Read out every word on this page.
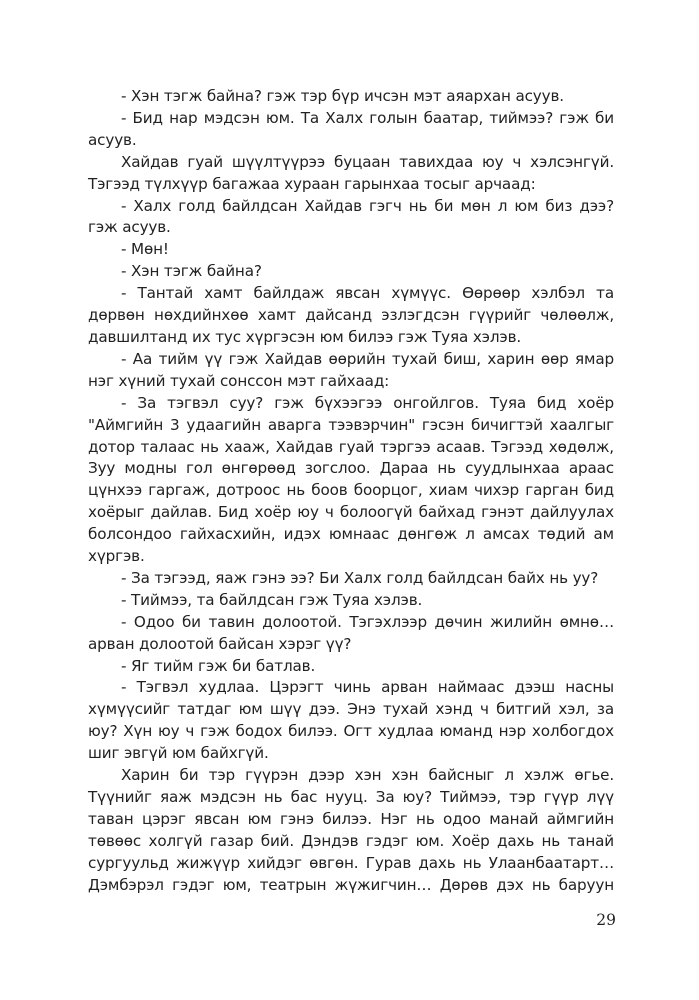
- Хэн тэгж байна? гэж тэр бүр ичсэн мэт аяархан асуув.
- Бид нар мэдсэн юм. Та Халх голын баатар, тиймээ? гэж би
асуув.
Хайдав гуай шүүлтүүрээ буцаан тавихдаа юу ч хэлсэнгүй.
Тэгээд түлхүүр багажаа хураан гарынхаа тосыг арчаад:
- Халх голд байлдсан Хайдав гэгч нь би мөн л юм биз дээ?
гэж асуув.
- Мөн!
- Хэн тэгж байна?
- Тантай хамт байлдаж явсан хүмүүс. Өөрөөр хэлбэл та
дөрвөн нөхдийнхөө хамт дайсанд эзлэгдсэн гүүрийг чөлөөлж,
давшилтанд их тус хүргэсэн юм билээ гэж Туяа хэлэв.
- Аа тийм үү гэж Хайдав өөрийн тухай биш, харин өөр ямар
нэг хүний тухай сонссон мэт гайхаад:
- За тэгвэл суу? гэж бүхээгээ онгойлгов. Туяа бид хоёр
"Аймгийн 3 удаагийн аварга тээвэрчин" гэсэн бичигтэй хаалгыг
дотор талаас нь хааж, Хайдав гуай тэргээ асаав. Тэгээд хөдөлж,
Зуу модны гол өнгөрөөд зогслоо. Дараа нь суудлынхаа араас
цүнхээ гаргаж, дотроос нь боов боорцог, хиам чихэр гарган бид
хоёрыг дайлав. Бид хоёр юу ч болоогүй байхад гэнэт дайлуулах
болсондоо гайхасхийн, идэх юмнаас дөнгөж л амсах төдий ам
хүргэв.
- За тэгээд, яаж гэнэ ээ? Би Халх голд байлдсан байх нь уу?
- Тиймээ, та байлдсан гэж Туяа хэлэв.
- Одоо би тавин долоотой. Тэгэхлээр дөчин жилийн өмнө…
арван долоотой байсан хэрэг үү?
- Яг тийм гэж би батлав.
- Тэгвэл худлаа. Цэрэгт чинь арван наймаас дээш насны
хүмүүсийг татдаг юм шүү дээ. Энэ тухай хэнд ч битгий хэл, за
юу? Хүн юу ч гэж бодох билээ. Огт худлаа юманд нэр холбогдох
шиг эвгүй юм байхгүй.
Харин би тэр гүүрэн дээр хэн хэн байсныг л хэлж өгье.
Түүнийг яаж мэдсэн нь бас нууц. За юу? Тиймээ, тэр гүүр лүү
таван цэрэг явсан юм гэнэ билээ. Нэг нь одоо манай аймгийн
төвөөс холгүй газар бий. Дэндэв гэдэг юм. Хоёр дахь нь танай
сургуульд жижүүр хийдэг өвгөн. Гурав дахь нь Улаанбаатарт…
Дэмбэрэл гэдэг юм, театрын жүжигчин… Дөрөв дэх нь баруун
29
